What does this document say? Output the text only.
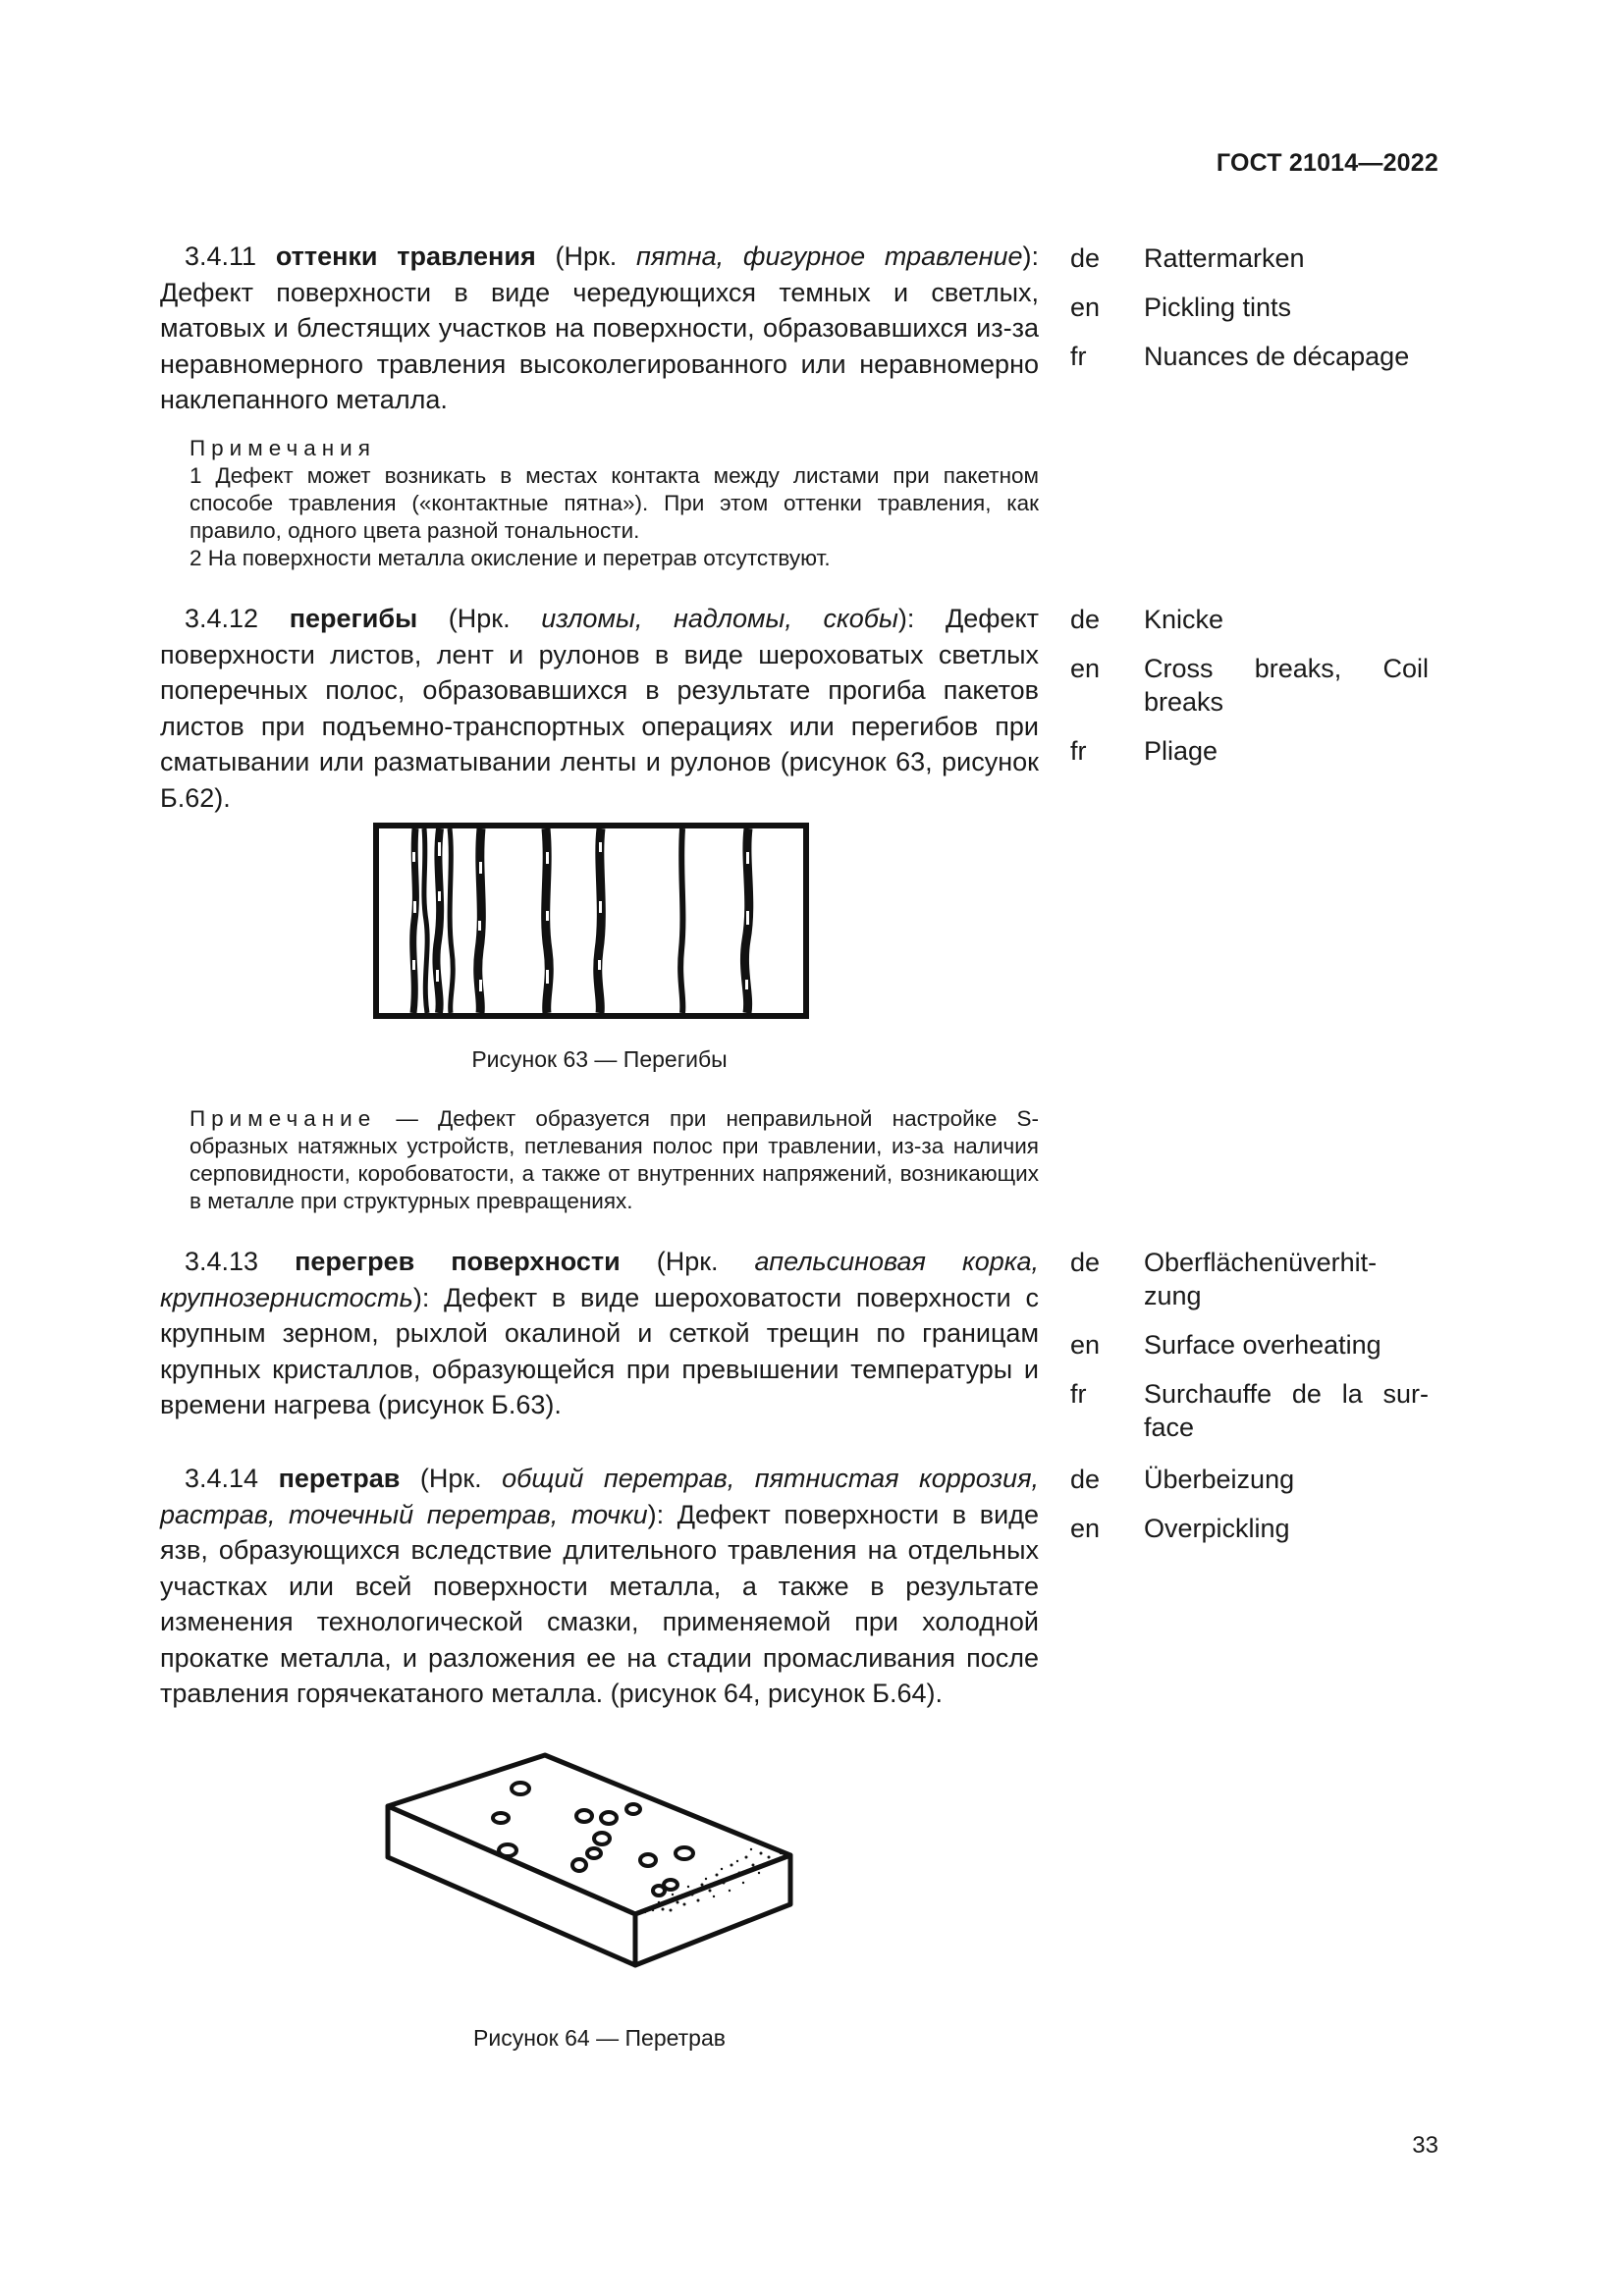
ГОСТ 21014—2022
33
3.4.11 оттенки травления (Нрк. пятна, фигурное травление): Дефект поверхности в виде чередующихся темных и светлых, матовых и блестящих участков на поверхности, образовавшихся из-за неравномерного травления высоколегированного или неравномерно наклепанного металла.
de	Rattermarken
en	Pickling tints
fr	Nuances de décapage
Примечания
1 Дефект может возникать в местах контакта между листами при пакетном способе травления («контактные пятна»). При этом оттенки травления, как правило, одного цвета разной тональности.
2 На поверхности металла окисление и перетрав отсутствуют.
3.4.12 перегибы (Нрк. изломы, надломы, скобы): Дефект поверхности листов, лент и рулонов в виде шероховатых светлых поперечных полос, образовавшихся в результате прогиба пакетов листов при подъемно-транспортных операциях или перегибов при сматывании или разматывании ленты и рулонов (рисунок 63, рисунок Б.62).
de	Knicke
en	Cross breaks, Coil breaks
fr	Pliage
Рисунок 63 — Перегибы
Примечание — Дефект образуется при неправильной настройке S-образных натяжных устройств, петлевания полос при травлении, из-за наличия серповидности, коробоватости, а также от внутренних напряжений, возникающих в металле при структурных превращениях.
3.4.13 перегрев поверхности (Нрк. апельсиновая корка, крупнозернистость): Дефект в виде шероховатости поверхности с крупным зерном, рыхлой окалиной и сеткой трещин по границам крупных кристаллов, образующейся при превышении температуры и времени нагрева (рисунок Б.63).
de	Oberflächenüverhit-zung
en	Surface overheating
fr	Surchauffe de la sur-face
3.4.14 перетрав (Нрк. общий перетрав, пятнистая коррозия, растрав, точечный перетрав, точки): Дефект поверхности в виде язв, образующихся вследствие длительного травления на отдельных участках или всей поверхности металла, а также в результате изменения технологической смазки, применяемой при холодной прокатке металла, и разложения ее на стадии промасливания после травления горячекатаного металла. (рисунок 64, рисунок Б.64).
de	Überbeizung
en	Overpickling
Рисунок 64 — Перетрав
